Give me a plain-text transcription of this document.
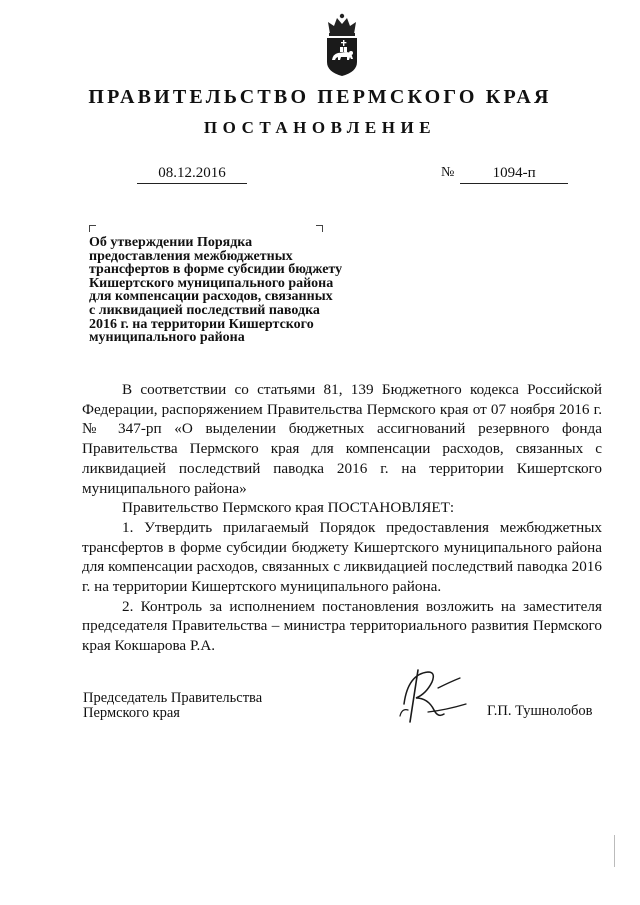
ПРАВИТЕЛЬСТВО ПЕРМСКОГО КРАЯ
ПОСТАНОВЛЕНИЕ
08.12.2016	№	1094-п
Об утверждении Порядка
предоставления межбюджетных
трансфертов в форме субсидии бюджету
Кишертского муниципального района
для компенсации расходов, связанных
с ликвидацией последствий паводка
2016 г. на территории Кишертского
муниципального района

В соответствии со статьями 81, 139 Бюджетного кодекса Российской Федерации, распоряжением Правительства Пермского края от 07 ноября 2016 г. № 347-рп «О выделении бюджетных ассигнований резервного фонда Правительства Пермского края для компенсации расходов, связанных с ликвидацией последствий паводка 2016 г. на территории Кишертского муниципального района»

Правительство Пермского края ПОСТАНОВЛЯЕТ:

1. Утвердить прилагаемый Порядок предоставления межбюджетных трансфертов в форме субсидии бюджету Кишертского муниципального района для компенсации расходов, связанных с ликвидацией последствий паводка 2016 г. на территории Кишертского муниципального района.

2. Контроль за исполнением постановления возложить на заместителя председателя Правительства – министра территориального развития Пермского края Кокшарова Р.А.

Председатель Правительства
Пермского края	Г.П. Тушнолобов
